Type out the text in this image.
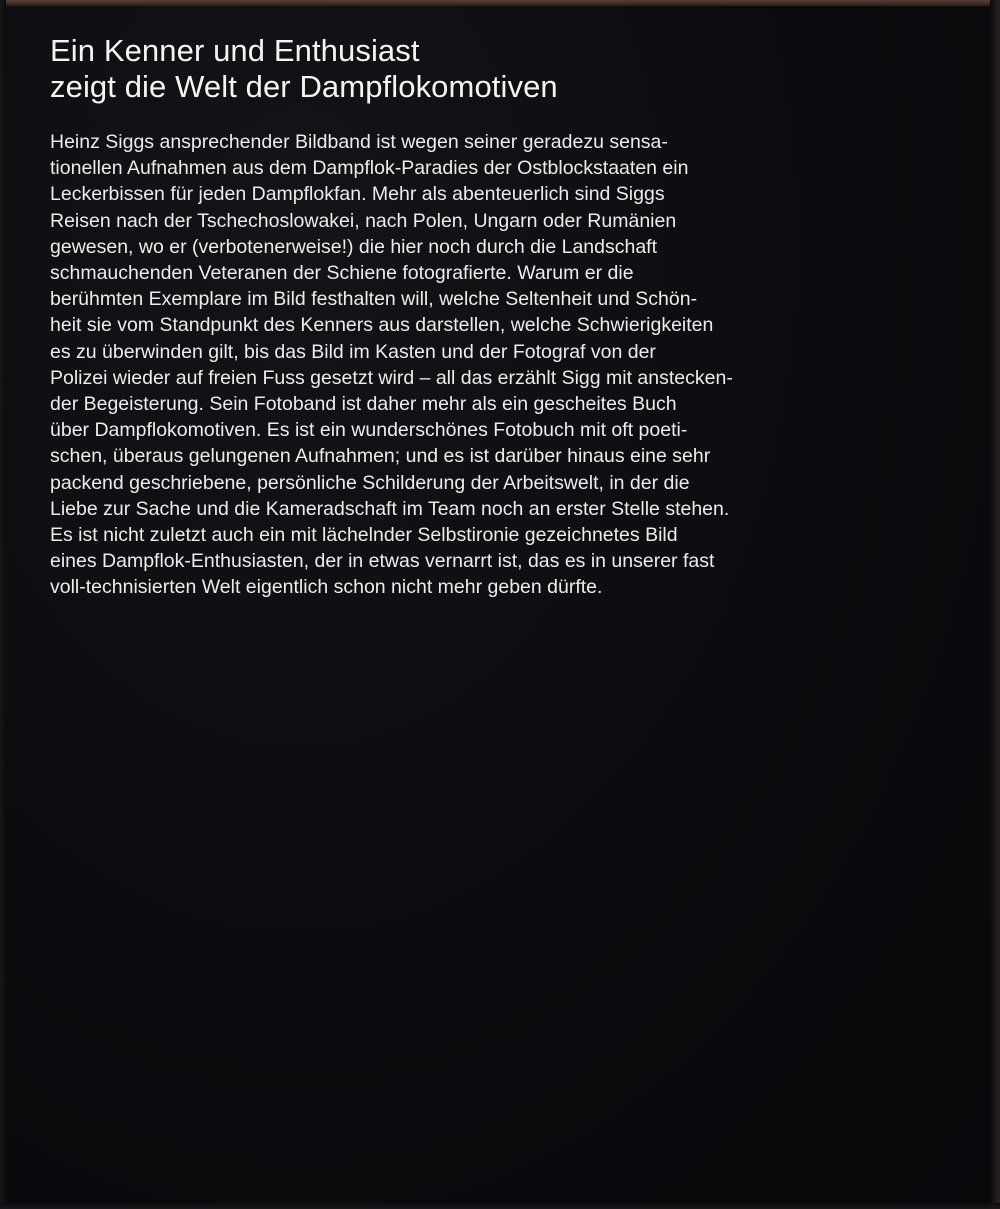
Ein Kenner und Enthusiast
zeigt die Welt der Dampflokomotiven
Heinz Siggs ansprechender Bildband ist wegen seiner geradezu sensa-
tionellen Aufnahmen aus dem Dampflok-Paradies der Ostblockstaaten ein
Leckerbissen für jeden Dampflokfan. Mehr als abenteuerlich sind Siggs
Reisen nach der Tschechoslowakei, nach Polen, Ungarn oder Rumänien
gewesen, wo er (verbotenerweise!) die hier noch durch die Landschaft
schmauchenden Veteranen der Schiene fotografierte. Warum er die
berühmten Exemplare im Bild festhalten will, welche Seltenheit und Schön-
heit sie vom Standpunkt des Kenners aus darstellen, welche Schwierigkeiten
es zu überwinden gilt, bis das Bild im Kasten und der Fotograf von der
Polizei wieder auf freien Fuss gesetzt wird – all das erzählt Sigg mit anstecken-
der Begeisterung. Sein Fotoband ist daher mehr als ein gescheites Buch
über Dampflokomotiven. Es ist ein wunderschönes Fotobuch mit oft poeti-
schen, überaus gelungenen Aufnahmen; und es ist darüber hinaus eine sehr
packend geschriebene, persönliche Schilderung der Arbeitswelt, in der die
Liebe zur Sache und die Kameradschaft im Team noch an erster Stelle stehen.
Es ist nicht zuletzt auch ein mit lächelnder Selbstironie gezeichnetes Bild
eines Dampflok-Enthusiasten, der in etwas vernarrt ist, das es in unserer fast
voll-technisierten Welt eigentlich schon nicht mehr geben dürfte.
